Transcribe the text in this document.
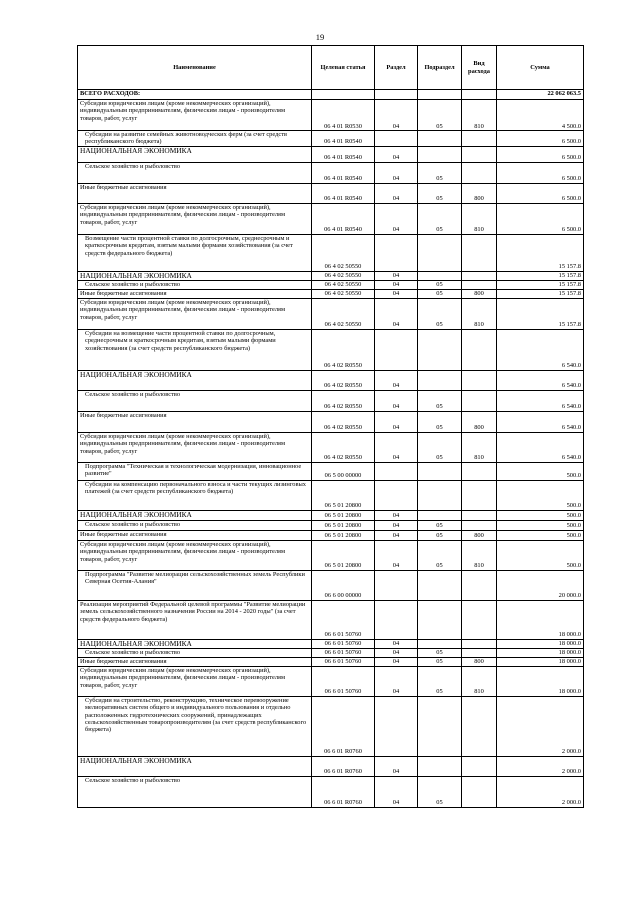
19
Наименование	Целевая статья	Раздел	Подраздел	Вид расхода	Сумма
ВСЕГО РАСХОДОВ:					22 062 063.5
Субсидии юридическим лицам (кроме некоммерческих организаций), индивидуальным предпринимателям, физическим лицам - производителям товаров, работ, услуг	06 4 01 R0530	04	05	810	4 500.0
Субсидии на развитие семейных животноводческих ферм (за счет средств республиканского бюджета)	06 4 01 R0540				6 500.0
НАЦИОНАЛЬНАЯ ЭКОНОМИКА	06 4 01 R0540	04			6 500.0
Сельское хозяйство и рыболовство	06 4 01 R0540	04	05		6 500.0
Иные бюджетные ассигнования	06 4 01 R0540	04	05	800	6 500.0
Субсидии юридическим лицам (кроме некоммерческих организаций), индивидуальным предпринимателям, физическим лицам - производителям товаров, работ, услуг	06 4 01 R0540	04	05	810	6 500.0
Возмещение части процентной ставки по долгосрочным, среднесрочным и краткосрочным кредитам, взятым малыми формами хозяйствования (за счет средств федерального бюджета)	06 4 02 50550				15 157.8
НАЦИОНАЛЬНАЯ ЭКОНОМИКА	06 4 02 50550	04			15 157.8
Сельское хозяйство и рыболовство	06 4 02 50550	04	05		15 157.8
Иные бюджетные ассигнования	06 4 02 50550	04	05	800	15 157.8
Субсидии юридическим лицам (кроме некоммерческих организаций), индивидуальным предпринимателям, физическим лицам - производителям товаров, работ, услуг	06 4 02 50550	04	05	810	15 157.8
Субсидии на возмещение части процентной ставки по долгосрочным, среднесрочным и краткосрочным кредитам, взятым малыми формами хозяйствования (за счет средств республиканского бюджета)	06 4 02 R0550				6 540.0
НАЦИОНАЛЬНАЯ ЭКОНОМИКА	06 4 02 R0550	04			6 540.0
Сельское хозяйство и рыболовство	06 4 02 R0550	04	05		6 540.0
Иные бюджетные ассигнования	06 4 02 R0550	04	05	800	6 540.0
Субсидии юридическим лицам (кроме некоммерческих организаций), индивидуальным предпринимателям, физическим лицам - производителям товаров, работ, услуг	06 4 02 R0550	04	05	810	6 540.0
Подпрограмма "Техническая и технологическая модернизация, инновационное развитие"	06 5 00 00000				500.0
Субсидии на компенсацию первоначального взноса и части текущих лизинговых платежей (за счет средств республиканского бюджета)	06 5 01 20800				500.0
НАЦИОНАЛЬНАЯ ЭКОНОМИКА	06 5 01 20800	04			500.0
Сельское хозяйство и рыболовство	06 5 01 20800	04	05		500.0
Иные бюджетные ассигнования	06 5 01 20800	04	05	800	500.0
Субсидии юридическим лицам (кроме некоммерческих организаций), индивидуальным предпринимателям, физическим лицам - производителям товаров, работ, услуг	06 5 01 20800	04	05	810	500.0
Подпрограмма "Развитие мелиорации сельскохозяйственных земель Республики Северная Осетия-Алания"	06 6 00 00000				20 000.0
Реализация мероприятий Федеральной целевой программы "Развитие мелиорации земель сельскохозяйственного назначения России на 2014 - 2020 годы" (за счет средств федерального бюджета)	06 6 01 50760				18 000.0
НАЦИОНАЛЬНАЯ ЭКОНОМИКА	06 6 01 50760	04			18 000.0
Сельское хозяйство и рыболовство	06 6 01 50760	04	05		18 000.0
Иные бюджетные ассигнования	06 6 01 50760	04	05	800	18 000.0
Субсидии юридическим лицам (кроме некоммерческих организаций), индивидуальным предпринимателям, физическим лицам - производителям товаров, работ, услуг	06 6 01 50760	04	05	810	18 000.0
Субсидии на строительство, реконструкцию, техническое перевооружение мелиоративных систем общего и индивидуального пользования и отдельно расположенных гидротехнических сооружений, принадлежащих сельскохозяйственным товаропроизводителям (за счет средств республиканского бюджета)	06 6 01 R0760				2 000.0
НАЦИОНАЛЬНАЯ ЭКОНОМИКА	06 6 01 R0760	04			2 000.0
Сельское хозяйство и рыболовство	06 6 01 R0760	04	05		2 000.0
